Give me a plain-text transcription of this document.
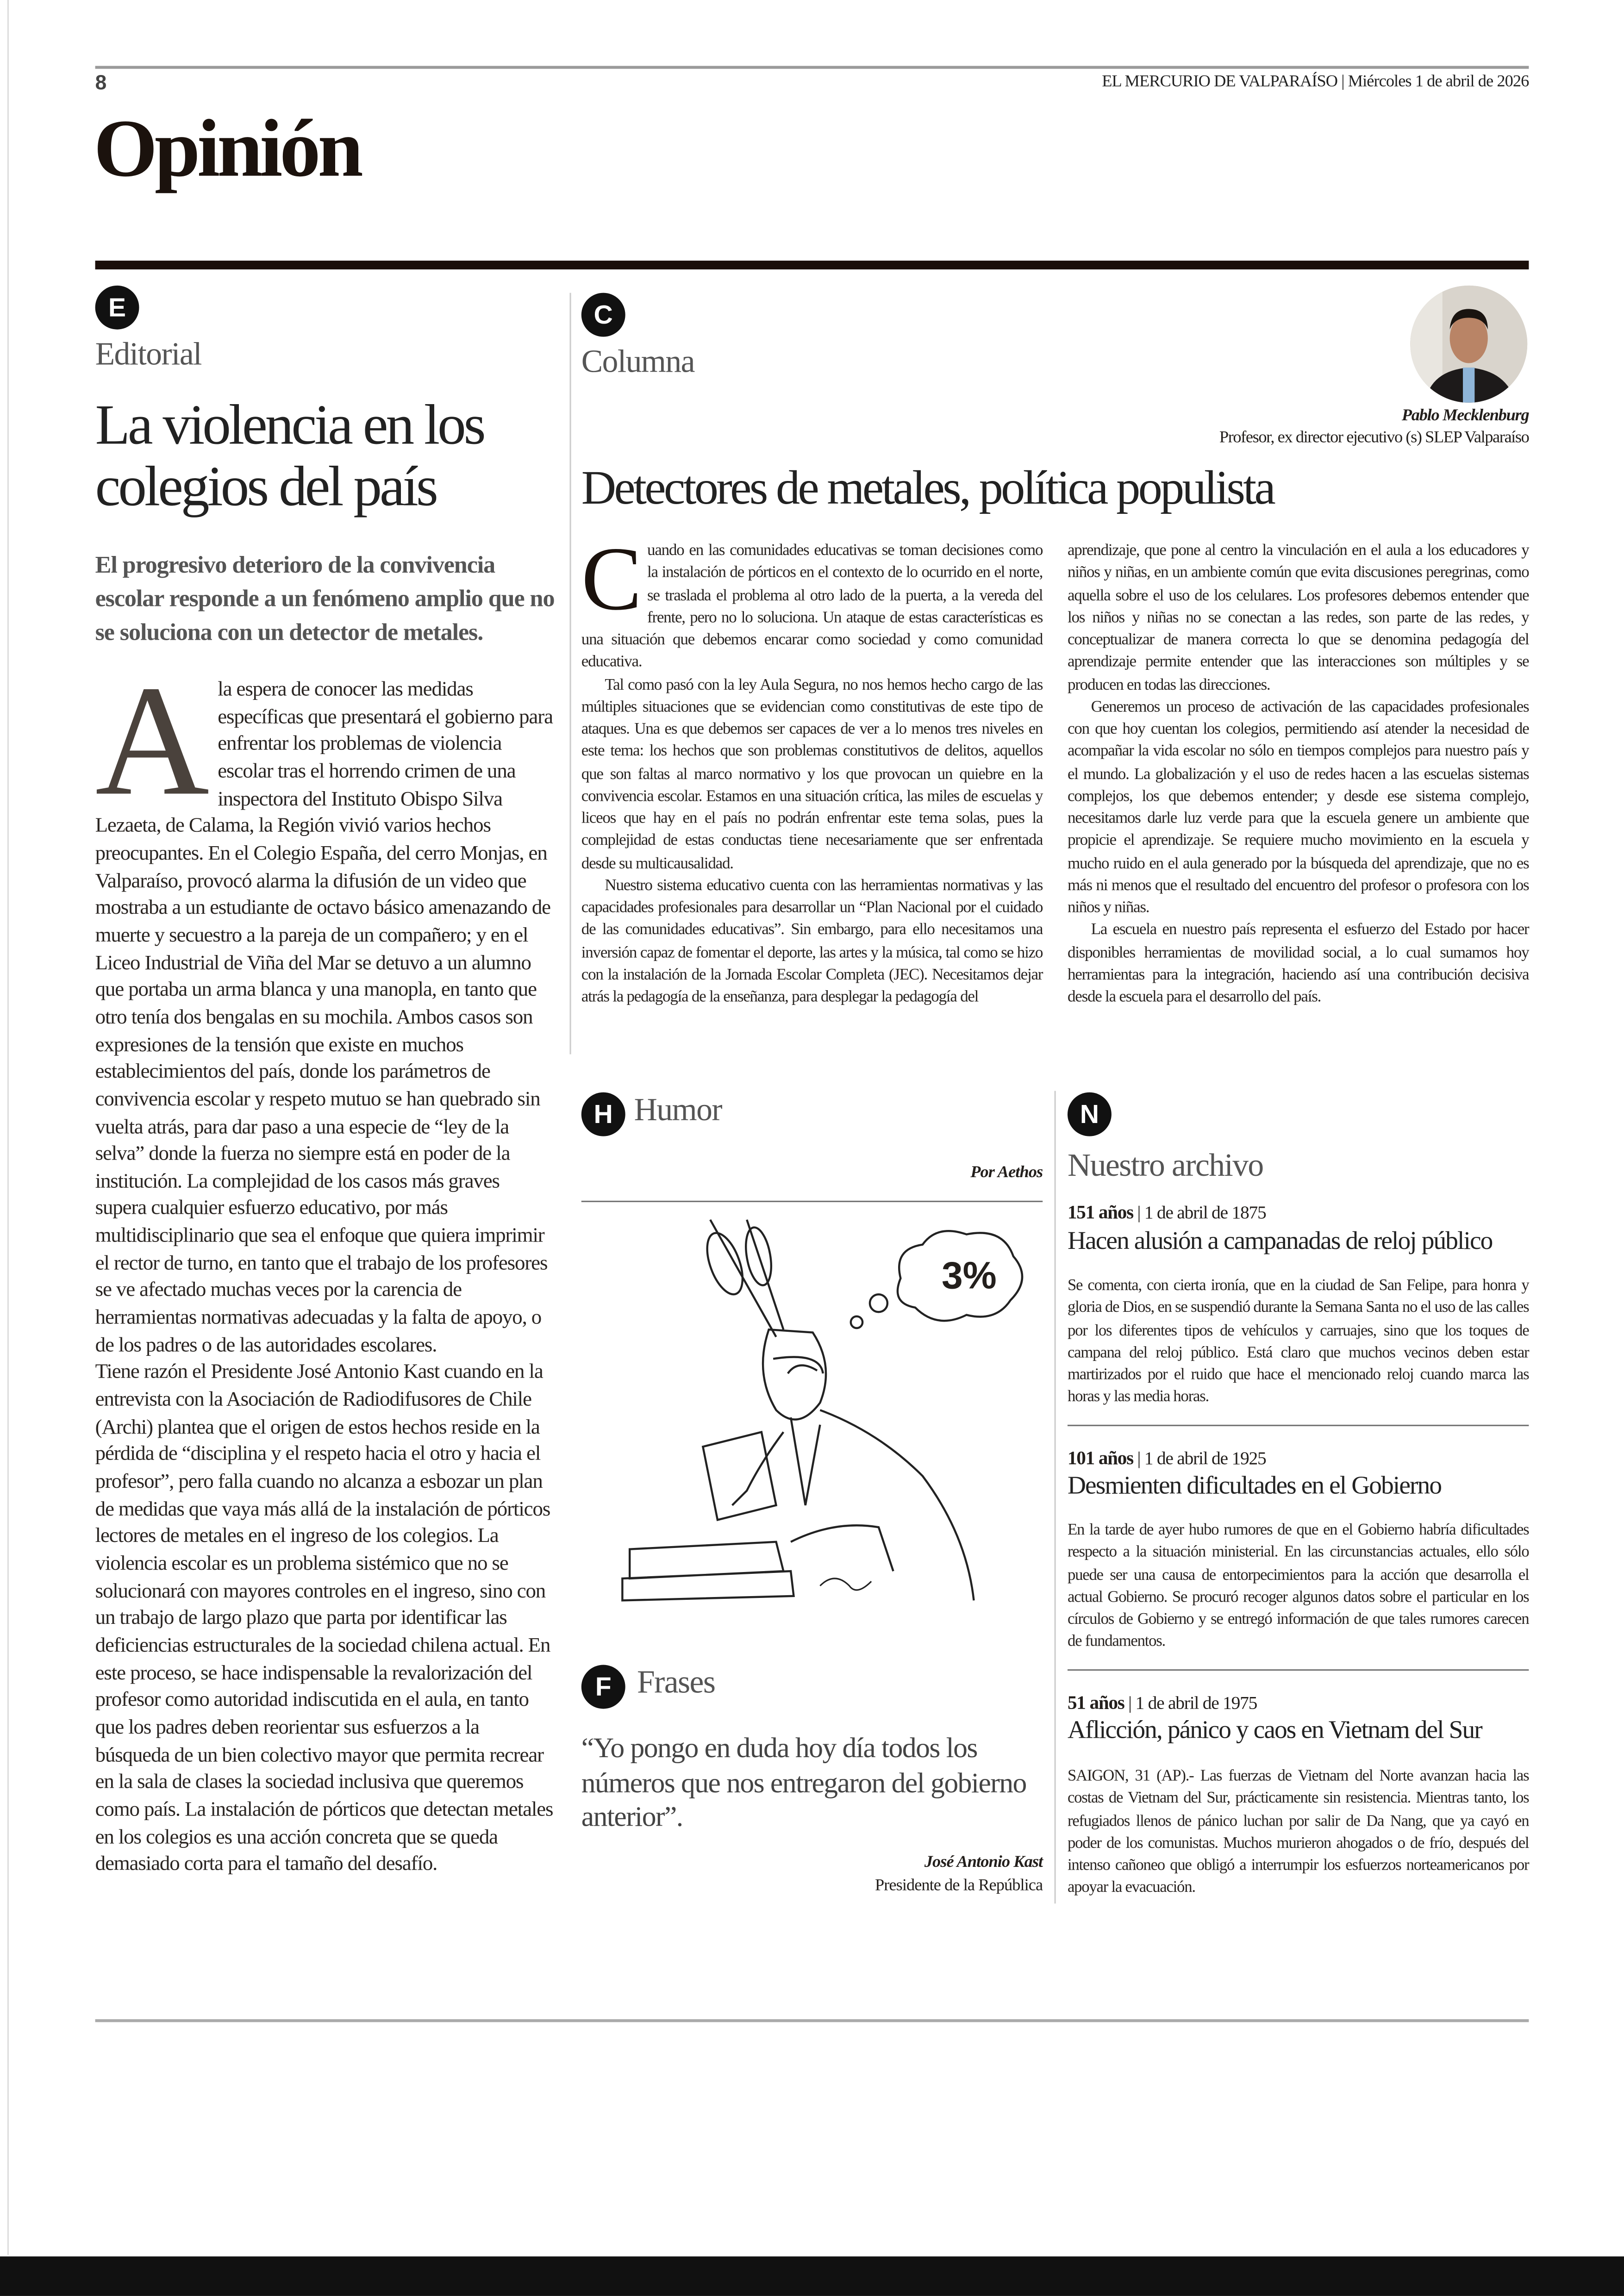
8	EL MERCURIO DE VALPARAÍSO | Miércoles 1 de abril de 2026
Opinión
E
Editorial
La violencia en los colegios del país
El progresivo deterioro de la convivencia escolar responde a un fenómeno amplio que no se soluciona con un detector de metales.

A la espera de conocer las medidas específicas que presentará el gobierno para enfrentar los problemas de violencia escolar tras el horrendo crimen de una inspectora del Instituto Obispo Silva Lezaeta, de Calama, la Región vivió varios hechos preocupantes. En el Colegio España, del cerro Monjas, en Valparaíso, provocó alarma la difusión de un video que mostraba a un estudiante de octavo básico amenazando de muerte y secuestro a la pareja de un compañero; y en el Liceo Industrial de Viña del Mar se detuvo a un alumno que portaba un arma blanca y una manopla, en tanto que otro tenía dos bengalas en su mochila. Ambos casos son expresiones de la tensión que existe en muchos establecimientos del país, donde los parámetros de convivencia escolar y respeto mutuo se han quebrado sin vuelta atrás, para dar paso a una especie de “ley de la selva” donde la fuerza no siempre está en poder de la institución. La complejidad de los casos más graves supera cualquier esfuerzo educativo, por más multidisciplinario que sea el enfoque que quiera imprimir el rector de turno, en tanto que el trabajo de los profesores se ve afectado muchas veces por la carencia de herramientas normativas adecuadas y la falta de apoyo, o de los padres o de las autoridades escolares.

Tiene razón el Presidente José Antonio Kast cuando en la entrevista con la Asociación de Radiodifusores de Chile (Archi) plantea que el origen de estos hechos reside en la pérdida de “disciplina y el respeto hacia el otro y hacia el profesor”, pero falla cuando no alcanza a esbozar un plan de medidas que vaya más allá de la instalación de pórticos lectores de metales en el ingreso de los colegios. La violencia escolar es un problema sistémico que no se solucionará con mayores controles en el ingreso, sino con un trabajo de largo plazo que parta por identificar las deficiencias estructurales de la sociedad chilena actual. En este proceso, se hace indispensable la revalorización del profesor como autoridad indiscutida en el aula, en tanto que los padres deben reorientar sus esfuerzos a la búsqueda de un bien colectivo mayor que permita recrear en la sala de clases la sociedad inclusiva que queremos como país. La instalación de pórticos que detectan metales en los colegios es una acción concreta que se queda demasiado corta para el tamaño del desafío.

C
Columna
Pablo Mecklenburg
Profesor, ex director ejecutivo (s) SLEP Valparaíso
Detectores de metales, política populista

C uando en las comunidades educativas se toman decisiones como la instalación de pórticos en el contexto de lo ocurrido en el norte, se traslada el problema al otro lado de la puerta, a la vereda del frente, pero no lo soluciona. Un ataque de estas características es una situación que debemos encarar como sociedad y como comunidad educativa.

Tal como pasó con la ley Aula Segura, no nos hemos hecho cargo de las múltiples situaciones que se evidencian como constitutivas de este tipo de ataques. Una es que debemos ser capaces de ver a lo menos tres niveles en este tema: los hechos que son problemas constitutivos de delitos, aquellos que son faltas al marco normativo y los que provocan un quiebre en la convivencia escolar. Estamos en una situación crítica, las miles de escuelas y liceos que hay en el país no podrán enfrentar este tema solas, pues la complejidad de estas conductas tiene necesariamente que ser enfrentada desde su multicausalidad.

Nuestro sistema educativo cuenta con las herramientas normativas y las capacidades profesionales para desarrollar un “Plan Nacional por el cuidado de las comunidades educativas”. Sin embargo, para ello necesitamos una inversión capaz de fomentar el deporte, las artes y la música, tal como se hizo con la instalación de la Jornada Escolar Completa (JEC). Necesitamos dejar atrás la pedagogía de la enseñanza, para desplegar la pedagogía del

aprendizaje, que pone al centro la vinculación en el aula a los educadores y niños y niñas, en un ambiente común que evita discusiones peregrinas, como aquella sobre el uso de los celulares. Los profesores debemos entender que los niños y niñas no se conectan a las redes, son parte de las redes, y conceptualizar de manera correcta lo que se denomina pedagogía del aprendizaje permite entender que las interacciones son múltiples y se producen en todas las direcciones.

Generemos un proceso de activación de las capacidades profesionales con que hoy cuentan los colegios, permitiendo así atender la necesidad de acompañar la vida escolar no sólo en tiempos complejos para nuestro país y el mundo. La globalización y el uso de redes hacen a las escuelas sistemas complejos, los que debemos entender; y desde ese sistema complejo, necesitamos darle luz verde para que la escuela genere un ambiente que propicie el aprendizaje. Se requiere mucho movimiento en la escuela y mucho ruido en el aula generado por la búsqueda del aprendizaje, que no es más ni menos que el resultado del encuentro del profesor o profesora con los niños y niñas.

La escuela en nuestro país representa el esfuerzo del Estado por hacer disponibles herramientas de movilidad social, a lo cual sumamos hoy herramientas para la integración, haciendo así una contribución decisiva desde la escuela para el desarrollo del país.

H	Humor
Por Aethos
3%
F	Frases
“Yo pongo en duda hoy día todos los números que nos entregaron del gobierno anterior”.
José Antonio Kast
Presidente de la República
N
Nuestro archivo
151 años | 1 de abril de 1875
Hacen alusión a campanadas de reloj público
Se comenta, con cierta ironía, que en la ciudad de San Felipe, para honra y gloria de Dios, en se suspendió durante la Semana Santa no el uso de las calles por los diferentes tipos de vehículos y carruajes, sino que los toques de campana del reloj público. Está claro que muchos vecinos deben estar martirizados por el ruido que hace el mencionado reloj cuando marca las horas y las media horas.
101 años | 1 de abril de 1925
Desmienten dificultades en el Gobierno
En la tarde de ayer hubo rumores de que en el Gobierno habría dificultades respecto a la situación ministerial. En las circunstancias actuales, ello sólo puede ser una causa de entorpecimientos para la acción que desarrolla el actual Gobierno. Se procuró recoger algunos datos sobre el particular en los círculos de Gobierno y se entregó información de que tales rumores carecen de fundamentos.
51 años | 1 de abril de 1975
Aflicción, pánico y caos en Vietnam del Sur
SAIGON, 31 (AP).- Las fuerzas de Vietnam del Norte avanzan hacia las costas de Vietnam del Sur, prácticamente sin resistencia. Mientras tanto, los refugiados llenos de pánico luchan por salir de Da Nang, que ya cayó en poder de los comunistas. Muchos murieron ahogados o de frío, después del intenso cañoneo que obligó a interrumpir los esfuerzos norteamericanos por apoyar la evacuación.
